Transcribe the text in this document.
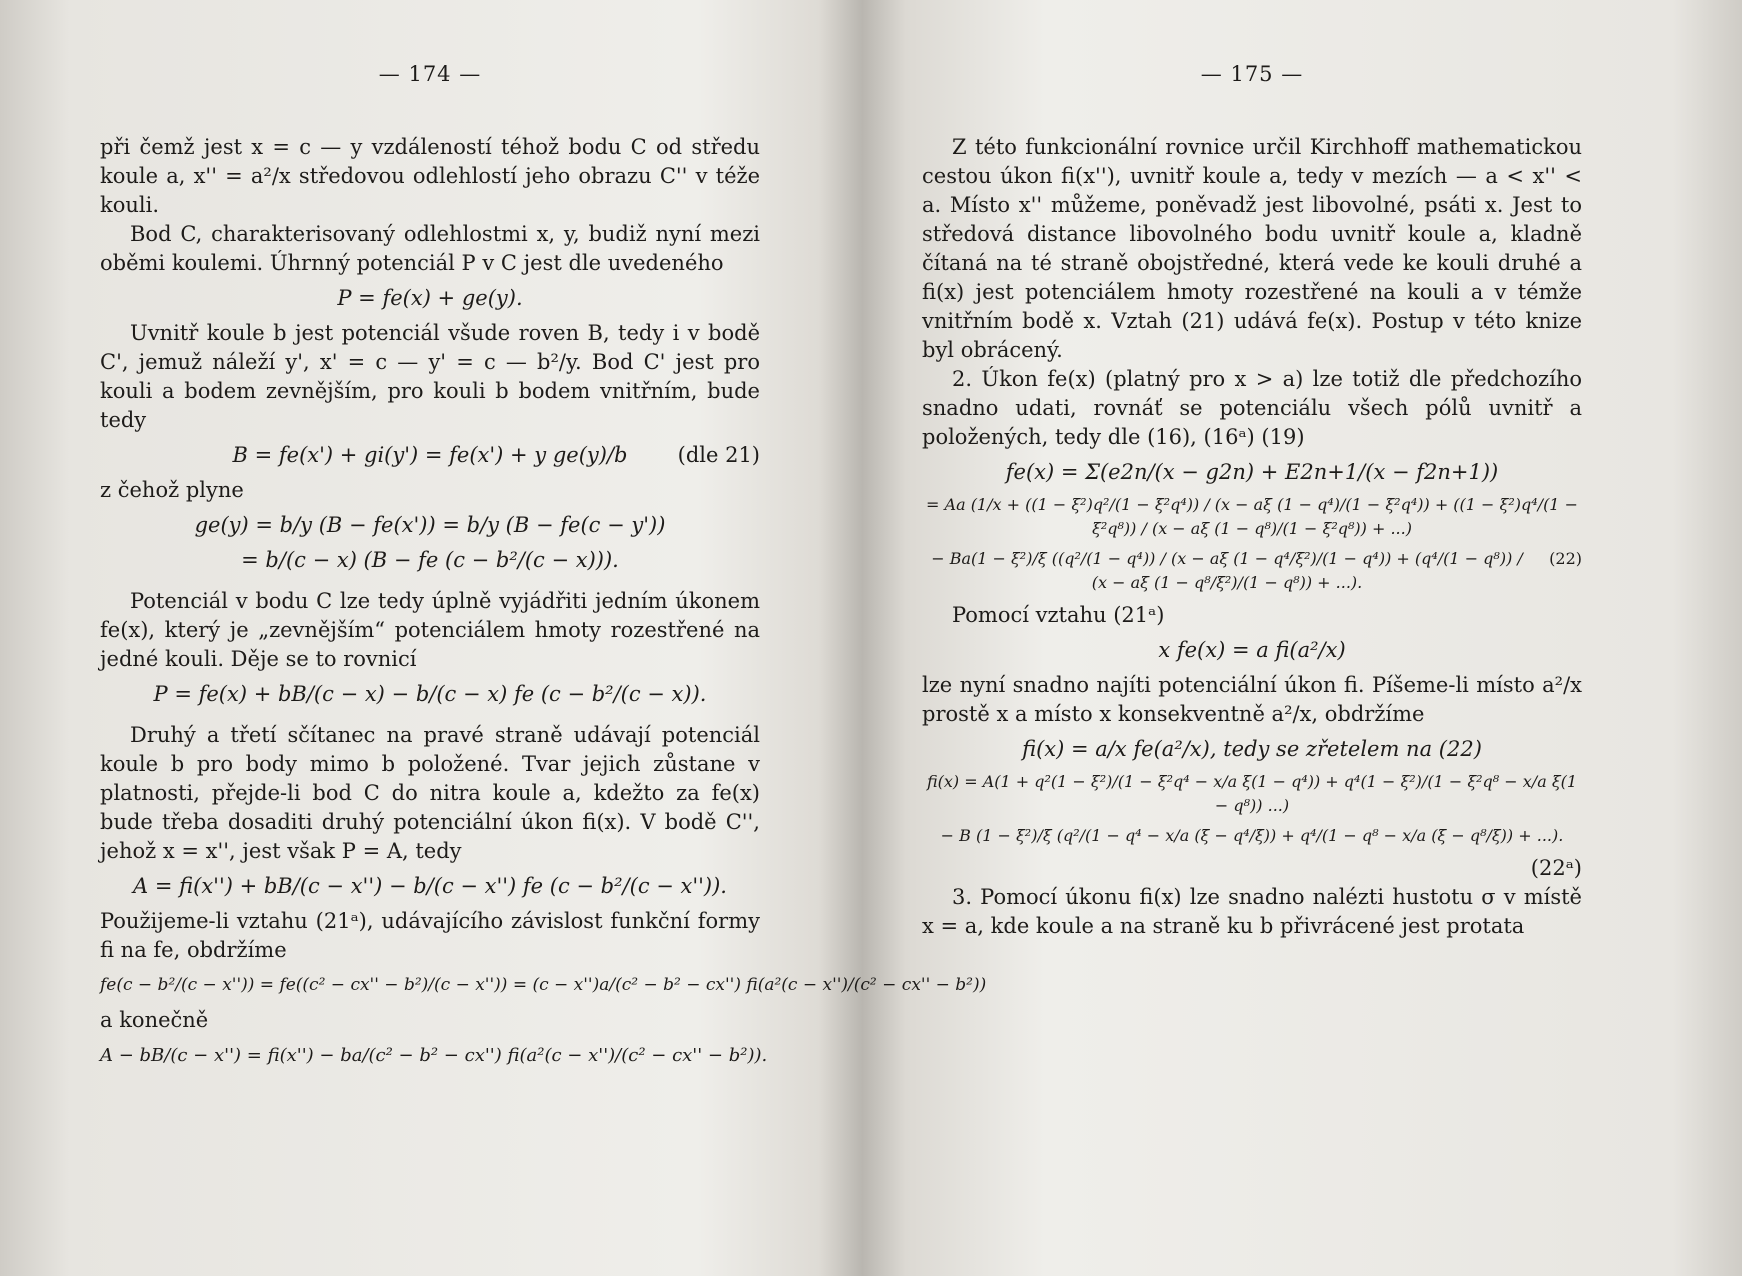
— 174 —

při čemž jest x = c — y vzdáleností téhož bodu C od středu koule a, x'' = a²/x středovou odlehlostí jeho obrazu C'' v téže kouli.

Bod C, charakterisovaný odlehlostmi x, y, budiž nyní mezi oběmi koulemi. Úhrnný potenciál P v C jest dle uvedeného

P = fe(x) + ge(y).

Uvnitř koule b jest potenciál všude roven B, tedy i v bodě C', jemuž náleží y', x' = c — y' = c — b²/y. Bod C' jest pro kouli a bodem zevnějším, pro kouli b bodem vnitřním, bude tedy

B = fe(x') + gi(y') = fe(x') + y ge(y)/b (dle 21)

z čehož plyne

ge(y) = b/y (B − fe(x')) = b/y (B − fe(c − y'))
= b/(c − x) (B − fe (c − b²/(c − x))).

Potenciál v bodu C lze tedy úplně vyjádřiti jedním úkonem fe(x), který je „zevnějším“ potenciálem hmoty rozestřené na jedné kouli. Děje se to rovnicí

P = fe(x) + bB/(c − x) − b/(c − x) fe (c − b²/(c − x)).

Druhý a třetí sčítanec na pravé straně udávají potenciál koule b pro body mimo b položené. Tvar jejich zůstane v platnosti, přejde-li bod C do nitra koule a, kdežto za fe(x) bude třeba dosaditi druhý potenciální úkon fi(x). V bodě C'', jehož x = x'', jest však P = A, tedy

A = fi(x'') + bB/(c − x'') − b/(c − x'') fe (c − b²/(c − x'')).

Použijeme-li vztahu (21ᵃ), udávajícího závislost funkční formy fi na fe, obdržíme

fe(c − b²/(c − x'')) = fe((c² − cx'' − b²)/(c − x'')) = (c − x'')a/(c² − b² − cx'') fi(a²(c − x'')/(c² − cx'' − b²))

a konečně

A − bB/(c − x'') = fi(x'') − ba/(c² − b² − cx'') fi(a²(c − x'')/(c² − cx'' − b²)).
— 175 —

Z této funkcionální rovnice určil Kirchhoff mathematickou cestou úkon fi(x''), uvnitř koule a, tedy v mezích — a < x'' < a. Místo x'' můžeme, poněvadž jest libovolné, psáti x. Jest to středová distance libovolného bodu uvnitř koule a, kladně čítaná na té straně obojstředné, která vede ke kouli druhé a fi(x) jest potenciálem hmoty rozestřené na kouli a v témže vnitřním bodě x. Vztah (21) udává fe(x). Postup v této knize byl obrácený.

2. Úkon fe(x) (platný pro x > a) lze totiž dle předchozího snadno udati, rovnáť se potenciálu všech pólů uvnitř a položených, tedy dle (16), (16ᵃ) (19)

fe(x) = Σ(e2n/(x − g2n) + E2n+1/(x − f2n+1))
= Aa (1/x + ((1 − ξ²)q²/(1 − ξ²q⁴)) / (x − aξ (1 − q⁴)/(1 − ξ²q⁴)) + ((1 − ξ²)q⁴/(1 − ξ²q⁸)) / (x − aξ (1 − q⁸)/(1 − ξ²q⁸)) + ...)
− Ba(1 − ξ²)/ξ ((q²/(1 − q⁴)) / (x − aξ (1 − q⁴/ξ²)/(1 − q⁴)) + (q⁴/(1 − q⁸)) / (x − aξ (1 − q⁸/ξ²)/(1 − q⁸)) + ...).
(22)

Pomocí vztahu (21ᵃ)

x fe(x) = a fi(a²/x)

lze nyní snadno najíti potenciální úkon fi. Píšeme-li místo a²/x prostě x a místo x konsekventně a²/x, obdržíme

fi(x) = a/x fe(a²/x), tedy se zřetelem na (22)
fi(x) = A(1 + q²(1 − ξ²)/(1 − ξ²q⁴ − x/a ξ(1 − q⁴)) + q⁴(1 − ξ²)/(1 − ξ²q⁸ − x/a ξ(1 − q⁸)) ...)
− B (1 − ξ²)/ξ (q²/(1 − q⁴ − x/a (ξ − q⁴/ξ)) + q⁴/(1 − q⁸ − x/a (ξ − q⁸/ξ)) + ...).
(22ᵃ)

3. Pomocí úkonu fi(x) lze snadno nalézti hustotu σ v místě x = a, kde koule a na straně ku b přivrácené jest protata
